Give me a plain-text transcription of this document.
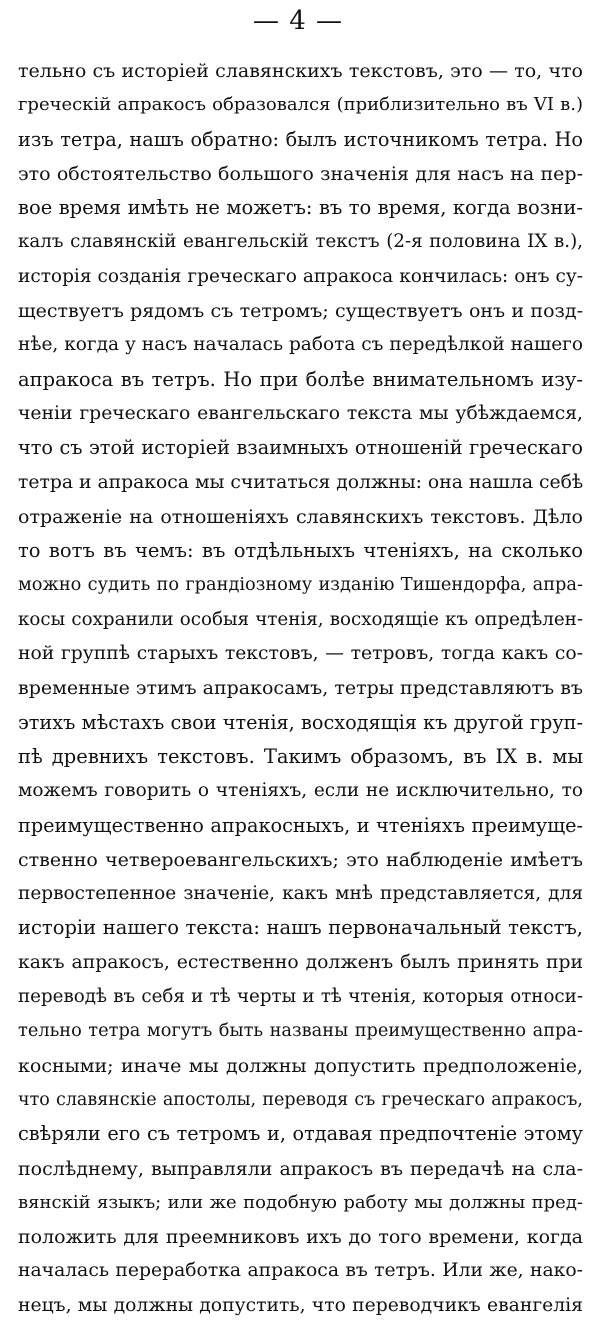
— 4 —
тельно съ исторіей славянскихъ текстовъ, это — то, что
греческій апракосъ образовался (приблизительно въ VI в.)
изъ тетра, нашъ обратно: былъ источникомъ тетра. Но
это обстоятельство большого значенія для насъ на пер-
вое время имѣть не можетъ: въ то время, когда возни-
калъ славянскій евангельскій текстъ (2-я половина IX в.),
исторія созданія греческаго апракоса кончилась: онъ су-
ществуетъ рядомъ съ тетромъ; существуетъ онъ и позд-
нѣе, когда у насъ началась работа съ передѣлкой нашего
апракоса въ тетръ. Но при болѣе внимательномъ изу-
ченіи греческаго евангельскаго текста мы убѣждаемся,
что съ этой исторіей взаимныхъ отношеній греческаго
тетра и апракоса мы считаться должны: она нашла себѣ
отраженіе на отношеніяхъ славянскихъ текстовъ. Дѣло
то вотъ въ чемъ: въ отдѣльныхъ чтеніяхъ, на сколько
можно судить по грандіозному изданію Тишендорфа, апра-
косы сохранили особыя чтенія, восходящіе къ опредѣлен-
ной группѣ старыхъ текстовъ, — тетровъ, тогда какъ со-
временные этимъ апракосамъ, тетры представляютъ въ
этихъ мѣстахъ свои чтенія, восходящія къ другой груп-
пѣ древнихъ текстовъ. Такимъ образомъ, въ IX в. мы
можемъ говорить о чтеніяхъ, если не исключительно, то
преимущественно апракосныхъ, и чтеніяхъ преимуще-
ственно четвероевангельскихъ; это наблюденіе имѣетъ
первостепенное значеніе, какъ мнѣ представляется, для
исторіи нашего текста: нашъ первоначальный текстъ,
какъ апракосъ, естественно долженъ былъ принять при
переводѣ въ себя и тѣ черты и тѣ чтенія, которыя относи-
тельно тетра могутъ быть названы преимущественно апра-
косными; иначе мы должны допустить предположеніе,
что славянскіе апостолы, переводя съ греческаго апракосъ,
свѣряли его съ тетромъ и, отдавая предпочтеніе этому
послѣднему, выправляли апракосъ въ передачѣ на сла-
вянскій языкъ; или же подобную работу мы должны пред-
положить для преемниковъ ихъ до того времени, когда
началась переработка апракоса въ тетръ. Или же, нако-
нецъ, мы должны допустить, что переводчикъ евангелія
